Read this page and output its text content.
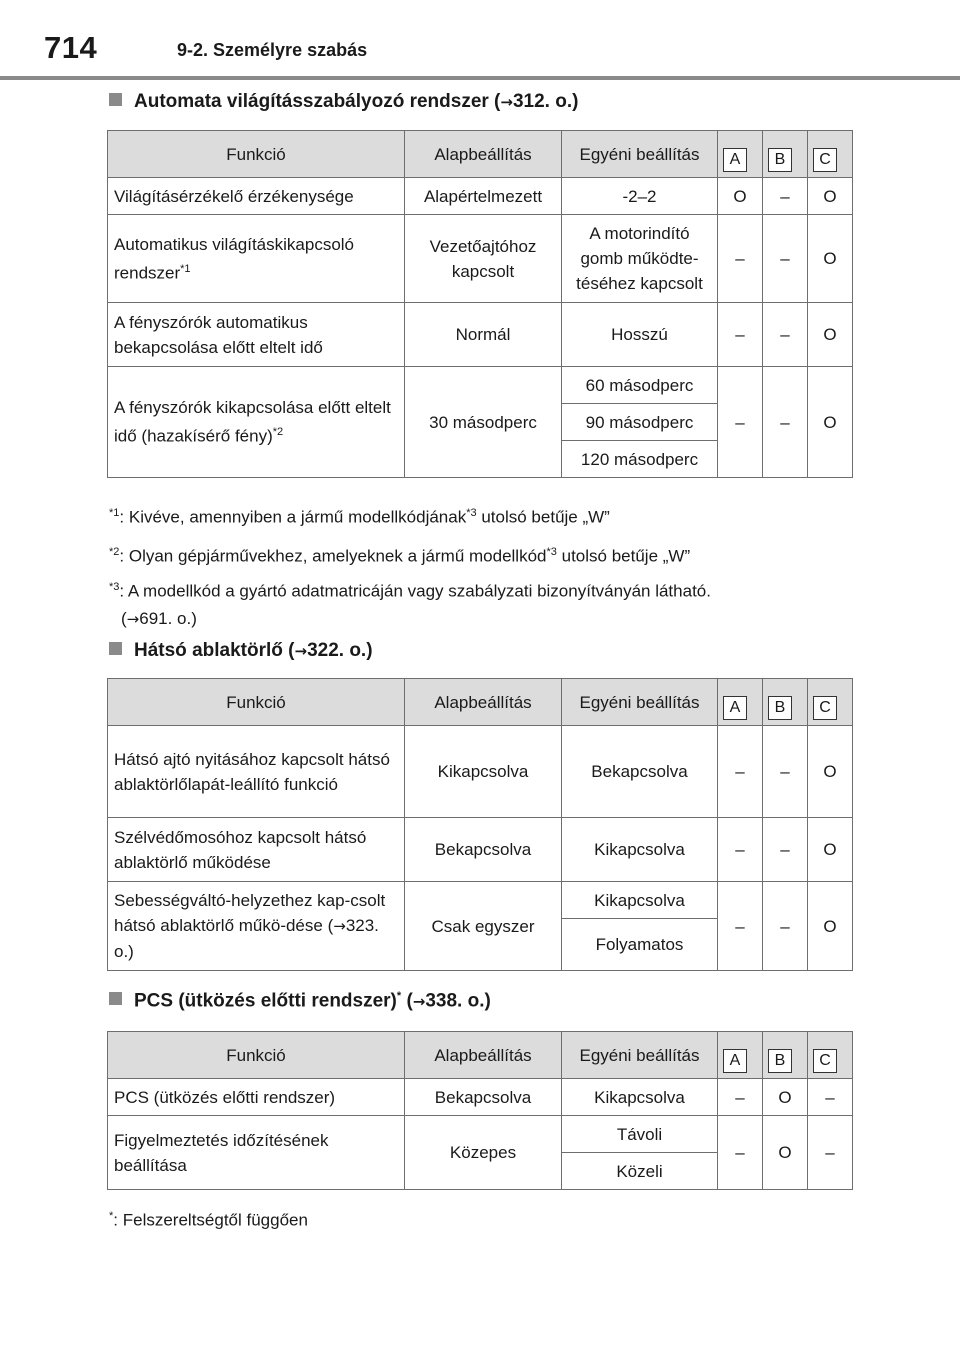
714	9-2. Személyre szabás
Automata világításszabályozó rendszer (→312. o.)
Funkció	Alapbeállítás	Egyéni beállítás	A	B	C

Világításérzékelő érzékenysége	Alapértelmezett	-2–2	O	–	O
Automatikus világításkikapcsoló rendszer$^{*1}$	Vezetőajtóhoz kapcsolt	A motorindító gomb működtetéséhez kapcsolt	–	–	O
A fényszórók automatikus bekapcsolása előtt eltelt idő	Normál	Hosszú	–	–	O
A fényszórók kikapcsolása előtt eltelt idő (hazakísérő fény)$^{*2}$	30 másodperc	60 másodperc	–	–	O
		90 másodperc			
		120 másodperc			
$^{*1}$: Kivéve, amennyiben a jármű modellkódjának$^{*3}$ utolsó betűje „W”
$^{*2}$: Olyan gépjárművekhez, amelyeknek a jármű modellkód$^{*3}$ utolsó betűje „W”
$^{*3}$: A modellkód a gyártó adatmatricáján vagy szabályzati bizonyítványán látható.
(→691. o.)
Hátsó ablaktörlő (→322. o.)
Funkció	Alapbeállítás	Egyéni beállítás	A	B	C

Hátsó ajtó nyitásához kapcsolt hátsó ablaktörlőlapát-leállító funkció	Kikapcsolva	Bekapcsolva	–	–	O
Szélvédőmosóhoz kapcsolt hátsó ablaktörlő működése	Bekapcsolva	Kikapcsolva	–	–	O
Sebességváltó-helyzethez kap-csolt hátsó ablaktörlő műkö-dése (→323. o.)	Csak egyszer	Kikapcsolva	–	–	O
		Folyamatos			
PCS (ütközés előtti rendszer)* (→338. o.)
Funkció	Alapbeállítás	Egyéni beállítás	A	B	C

PCS (ütközés előtti rendszer)	Bekapcsolva	Kikapcsolva	–	O	–
Figyelmeztetés időzítésének beállítása	Közepes	Távoli	–	O	–
		Közeli			
*: Felszereltségtől függően
